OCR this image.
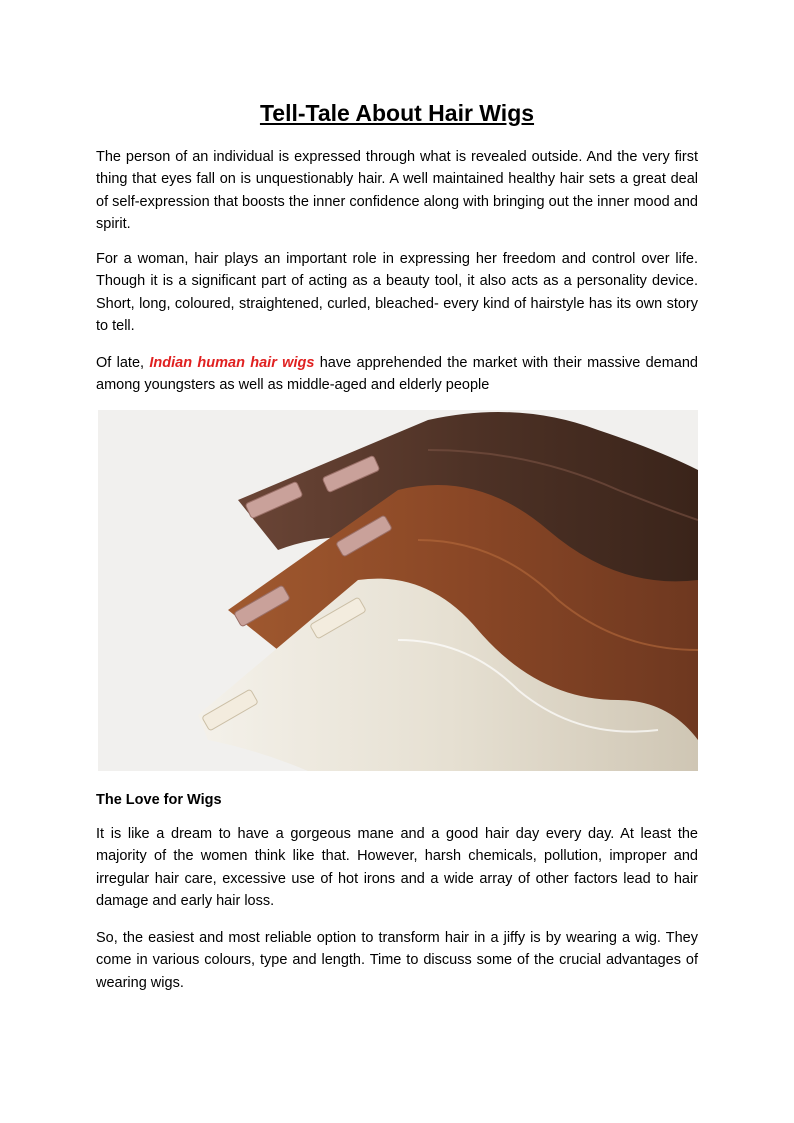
Tell-Tale About Hair Wigs

The person of an individual is expressed through what is revealed outside. And the very first thing that eyes fall on is unquestionably hair. A well maintained healthy hair sets a great deal of self-expression that boosts the inner confidence along with bringing out the inner mood and spirit.

For a woman, hair plays an important role in expressing her freedom and control over life. Though it is a significant part of acting as a beauty tool, it also acts as a personality device. Short, long, coloured, straightened, curled, bleached- every kind of hairstyle has its own story to tell.

Of late, Indian human hair wigs have apprehended the market with their massive demand among youngsters as well as middle-aged and elderly people

The Love for Wigs

It is like a dream to have a gorgeous mane and a good hair day every day. At least the majority of the women think like that. However, harsh chemicals, pollution, improper and irregular hair care, excessive use of hot irons and a wide array of other factors lead to hair damage and early hair loss.

So, the easiest and most reliable option to transform hair in a jiffy is by wearing a wig. They come in various colours, type and length. Time to discuss some of the crucial advantages of wearing wigs.
